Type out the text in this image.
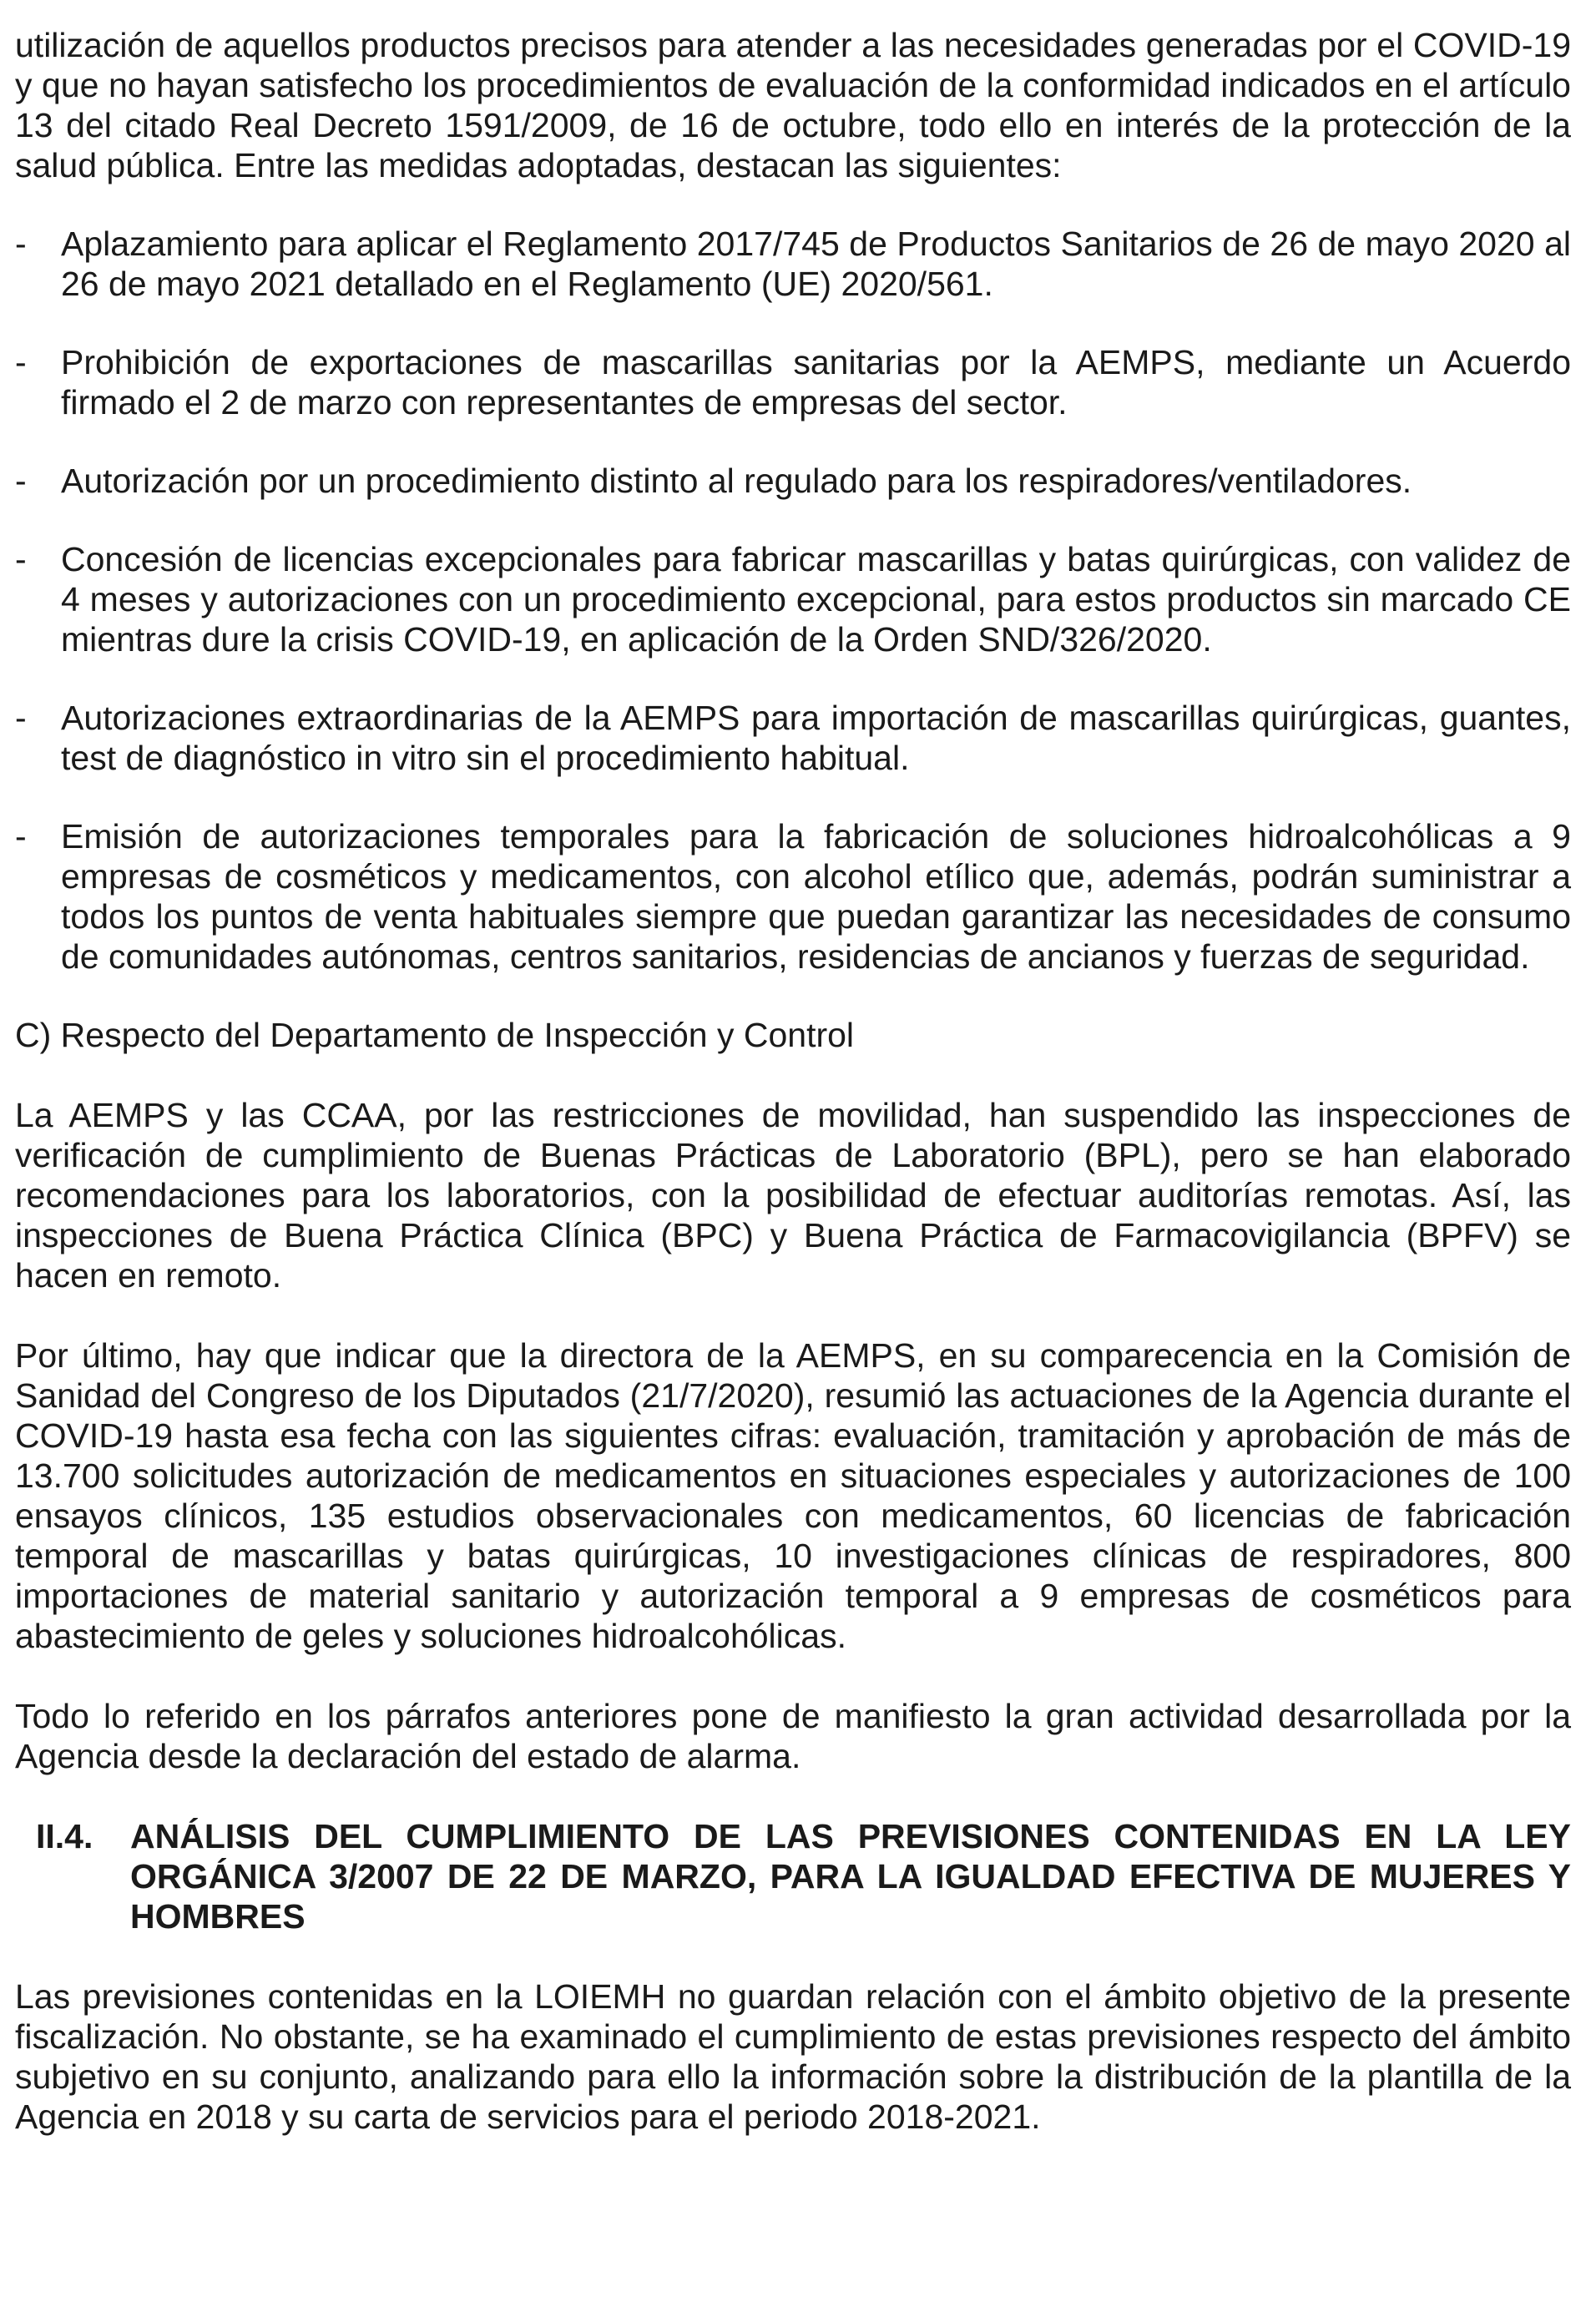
utilización de aquellos productos precisos para atender a las necesidades generadas por el COVID-19 y que no hayan satisfecho los procedimientos de evaluación de la conformidad indicados en el artículo 13 del citado Real Decreto 1591/2009, de 16 de octubre, todo ello en interés de la protección de la salud pública. Entre las medidas adoptadas, destacan las siguientes:

- Aplazamiento para aplicar el Reglamento 2017/745 de Productos Sanitarios de 26 de mayo 2020 al 26 de mayo 2021 detallado en el Reglamento (UE) 2020/561.
- Prohibición de exportaciones de mascarillas sanitarias por la AEMPS, mediante un Acuerdo firmado el 2 de marzo con representantes de empresas del sector.
- Autorización por un procedimiento distinto al regulado para los respiradores/ventiladores.
- Concesión de licencias excepcionales para fabricar mascarillas y batas quirúrgicas, con validez de 4 meses y autorizaciones con un procedimiento excepcional, para estos productos sin marcado CE mientras dure la crisis COVID-19, en aplicación de la Orden SND/326/2020.
- Autorizaciones extraordinarias de la AEMPS para importación de mascarillas quirúrgicas, guantes, test de diagnóstico in vitro sin el procedimiento habitual.
- Emisión de autorizaciones temporales para la fabricación de soluciones hidroalcohólicas a 9 empresas de cosméticos y medicamentos, con alcohol etílico que, además, podrán suministrar a todos los puntos de venta habituales siempre que puedan garantizar las necesidades de consumo de comunidades autónomas, centros sanitarios, residencias de ancianos y fuerzas de seguridad.

C) Respecto del Departamento de Inspección y Control

La AEMPS y las CCAA, por las restricciones de movilidad, han suspendido las inspecciones de verificación de cumplimiento de Buenas Prácticas de Laboratorio (BPL), pero se han elaborado recomendaciones para los laboratorios, con la posibilidad de efectuar auditorías remotas. Así, las inspecciones de Buena Práctica Clínica (BPC) y Buena Práctica de Farmacovigilancia (BPFV) se hacen en remoto.

Por último, hay que indicar que la directora de la AEMPS, en su comparecencia en la Comisión de Sanidad del Congreso de los Diputados (21/7/2020), resumió las actuaciones de la Agencia durante el COVID-19 hasta esa fecha con las siguientes cifras: evaluación, tramitación y aprobación de más de 13.700 solicitudes autorización de medicamentos en situaciones especiales y autorizaciones de 100 ensayos clínicos, 135 estudios observacionales con medicamentos, 60 licencias de fabricación temporal de mascarillas y batas quirúrgicas, 10 investigaciones clínicas de respiradores, 800 importaciones de material sanitario y autorización temporal a 9 empresas de cosméticos para abastecimiento de geles y soluciones hidroalcohólicas.

Todo lo referido en los párrafos anteriores pone de manifiesto la gran actividad desarrollada por la Agencia desde la declaración del estado de alarma.

II.4. ANÁLISIS DEL CUMPLIMIENTO DE LAS PREVISIONES CONTENIDAS EN LA LEY ORGÁNICA 3/2007 DE 22 DE MARZO, PARA LA IGUALDAD EFECTIVA DE MUJERES Y HOMBRES

Las previsiones contenidas en la LOIEMH no guardan relación con el ámbito objetivo de la presente fiscalización. No obstante, se ha examinado el cumplimiento de estas previsiones respecto del ámbito subjetivo en su conjunto, analizando para ello la información sobre la distribución de la plantilla de la Agencia en 2018 y su carta de servicios para el periodo 2018-2021.
